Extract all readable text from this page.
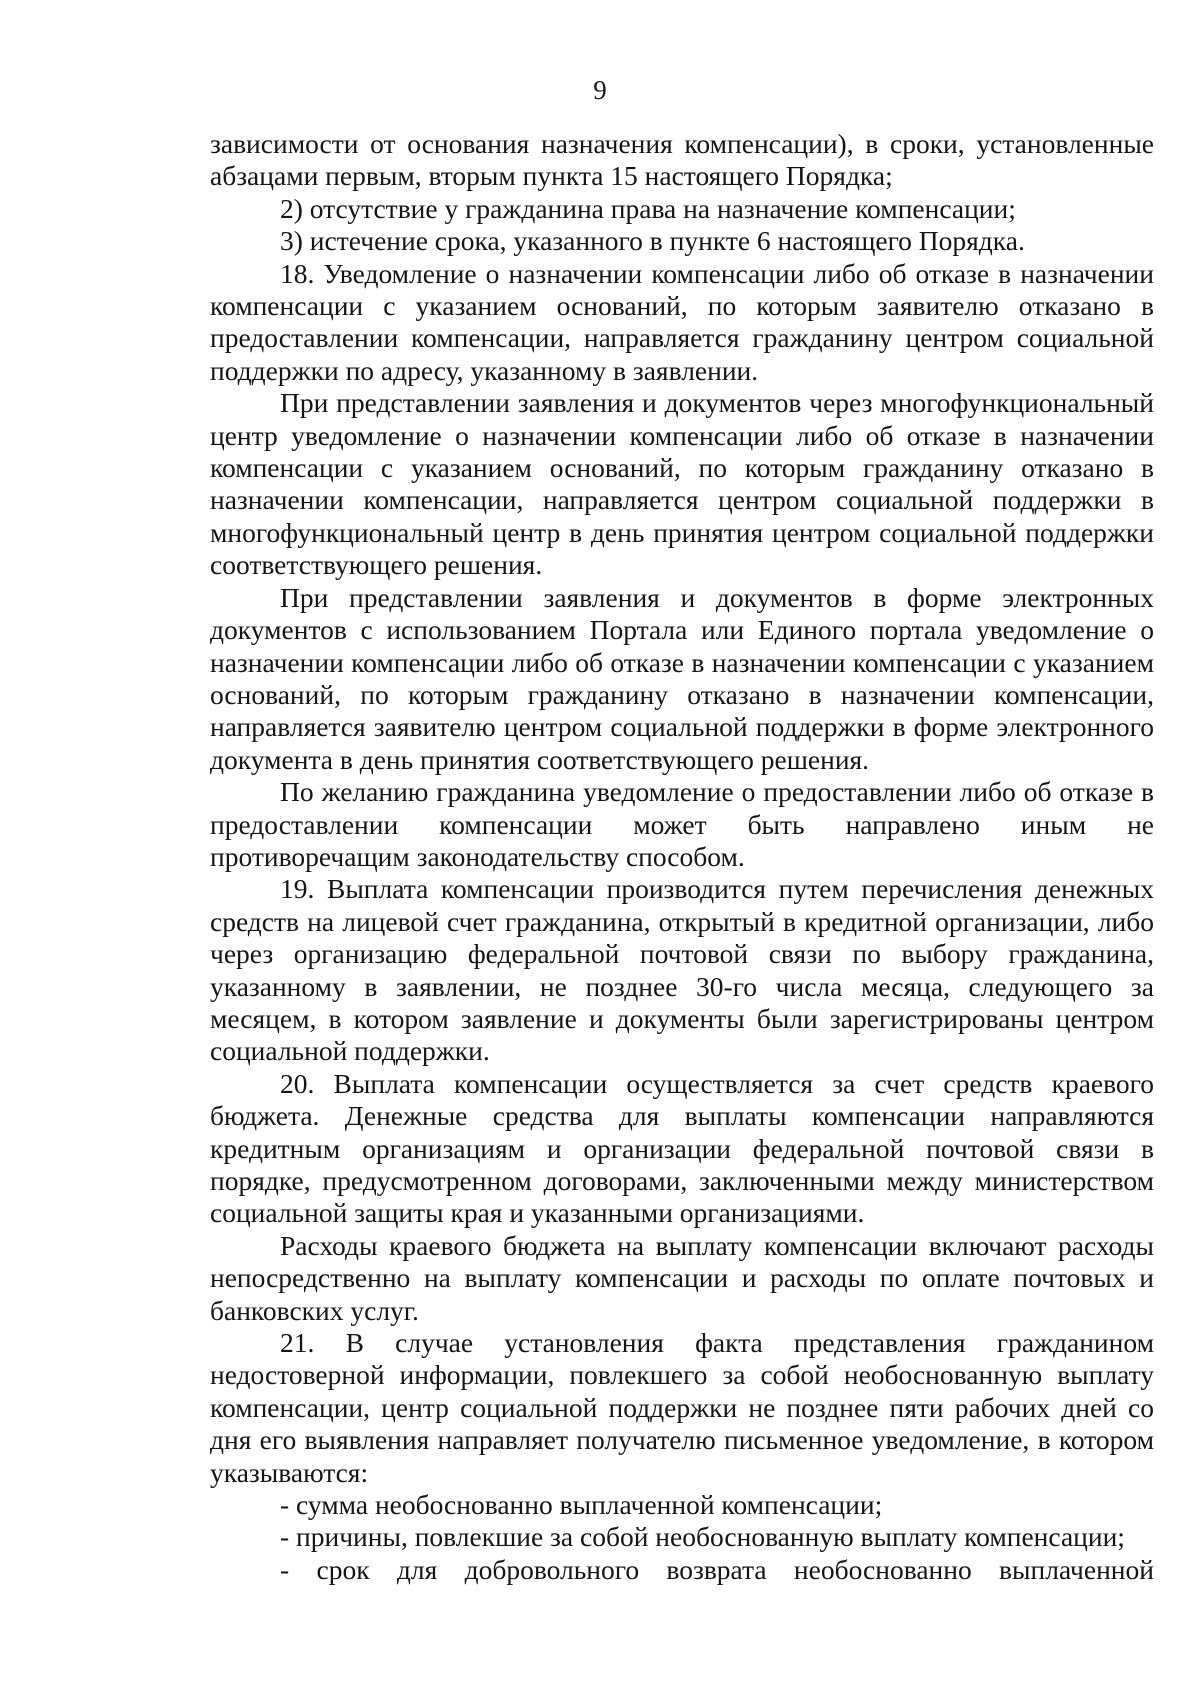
9

зависимости от основания назначения компенсации), в сроки, установленные абзацами первым, вторым пункта 15 настоящего Порядка;

2) отсутствие у гражданина права на назначение компенсации;

3) истечение срока, указанного в пункте 6 настоящего Порядка.

18. Уведомление о назначении компенсации либо об отказе в назначении компенсации с указанием оснований, по которым заявителю отказано в предоставлении компенсации, направляется гражданину центром социальной поддержки по адресу, указанному в заявлении.

При представлении заявления и документов через многофункциональный центр уведомление о назначении компенсации либо об отказе в назначении компенсации с указанием оснований, по которым гражданину отказано в назначении компенсации, направляется центром социальной поддержки в многофункциональный центр в день принятия центром социальной поддержки соответствующего решения.

При представлении заявления и документов в форме электронных документов с использованием Портала или Единого портала уведомление о назначении компенсации либо об отказе в назначении компенсации с указанием оснований, по которым гражданину отказано в назначении компенсации, направляется заявителю центром социальной поддержки в форме электронного документа в день принятия соответствующего решения.

По желанию гражданина уведомление о предоставлении либо об отказе в предоставлении компенсации может быть направлено иным не противоречащим законодательству способом.

19. Выплата компенсации производится путем перечисления денежных средств на лицевой счет гражданина, открытый в кредитной организации, либо через организацию федеральной почтовой связи по выбору гражданина, указанному в заявлении, не позднее 30-го числа месяца, следующего за месяцем, в котором заявление и документы были зарегистрированы центром социальной поддержки.

20. Выплата компенсации осуществляется за счет средств краевого бюджета. Денежные средства для выплаты компенсации направляются кредитным организациям и организации федеральной почтовой связи в порядке, предусмотренном договорами, заключенными между министерством социальной защиты края и указанными организациями.

Расходы краевого бюджета на выплату компенсации включают расходы непосредственно на выплату компенсации и расходы по оплате почтовых и банковских услуг.

21. В случае установления факта представления гражданином недостоверной информации, повлекшего за собой необоснованную выплату компенсации, центр социальной поддержки не позднее пяти рабочих дней со дня его выявления направляет получателю письменное уведомление, в котором указываются:

- сумма необоснованно выплаченной компенсации;

- причины, повлекшие за собой необоснованную выплату компенсации;

- срок для добровольного возврата необоснованно выплаченной
